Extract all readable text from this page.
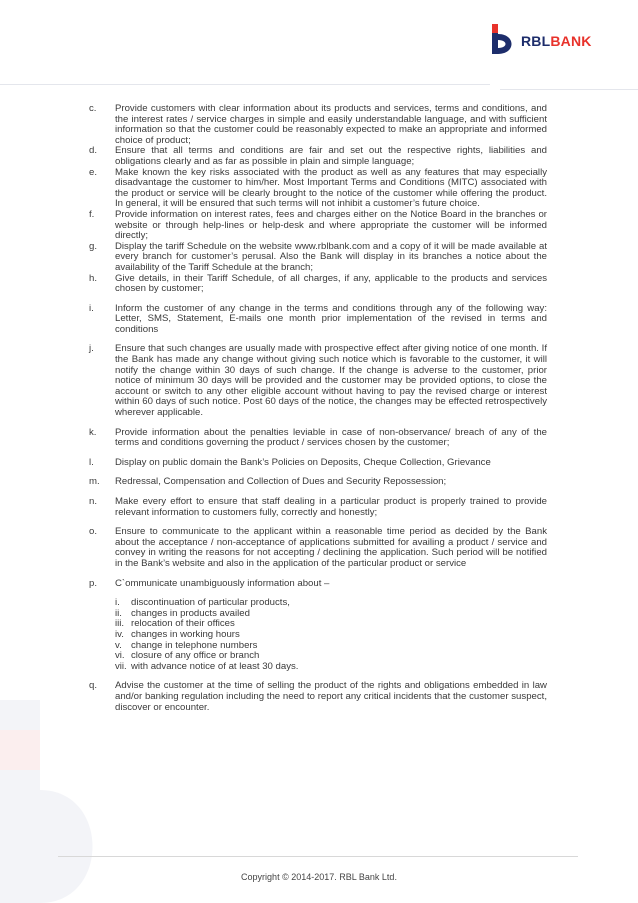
RBLBANK
c.	Provide customers with clear information about its products and services, terms and conditions, and the interest rates / service charges in simple and easily understandable language, and with sufficient information so that the customer could be reasonably expected to make an appropriate and informed choice of product;
d.	Ensure that all terms and conditions are fair and set out the respective rights, liabilities and obligations clearly and as far as possible in plain and simple language;
e.	Make known the key risks associated with the product as well as any features that may especially disadvantage the customer to him/her. Most Important Terms and Conditions (MITC) associated with the product or service will be clearly brought to the notice of the customer while offering the product. In general, it will be ensured that such terms will not inhibit a customer’s future choice.
f.	Provide information on interest rates, fees and charges either on the Notice Board in the branches or website or through help-lines or help-desk and where appropriate the customer will be informed directly;
g.	Display the tariff Schedule on the website www.rblbank.com and a copy of it will be made available at every branch for customer’s perusal. Also the Bank will display in its branches a notice about the availability of the Tariff Schedule at the branch;
h.	Give details, in their Tariff Schedule, of all charges, if any, applicable to the products and services chosen by customer;
i.	Inform the customer of any change in the terms and conditions through any of the following way: Letter, SMS, Statement, E-mails one month prior implementation of the revised in terms and conditions
j.	Ensure that such changes are usually made with prospective effect after giving notice of one month. If the Bank has made any change without giving such notice which is favorable to the customer, it will notify the change within 30 days of such change. If the change is adverse to the customer, prior notice of minimum 30 days will be provided and the customer may be provided options, to close the account or switch to any other eligible account without having to pay the revised charge or interest within 60 days of such notice. Post 60 days of the notice, the changes may be effected retrospectively wherever applicable.
k.	Provide information about the penalties leviable in case of non-observance/ breach of any of the terms and conditions governing the product / services chosen by the customer;
l.	Display on public domain the Bank’s Policies on Deposits, Cheque Collection, Grievance
m.	Redressal, Compensation and Collection of Dues and Security Repossession;
n.	Make every effort to ensure that staff dealing in a particular product is properly trained to provide relevant information to customers fully, correctly and honestly;
o.	Ensure to communicate to the applicant within a reasonable time period as decided by the Bank about the acceptance / non-acceptance of applications submitted for availing a product / service and convey in writing the reasons for not accepting / declining the application. Such period will be notified in the Bank’s website and also in the application of the particular product or service
p.	C`ommunicate unambiguously information about –
i.	discontinuation of particular products,
ii. changes in products availed
iii. relocation of their offices
iv. changes in working hours
v. change in telephone numbers
vi. closure of any office or branch
vii. with advance notice of at least 30 days.
q.	Advise the customer at the time of selling the product of the rights and obligations embedded in law and/or banking regulation including the need to report any critical incidents that the customer suspect, discover or encounter.
Copyright © 2014-2017. RBL Bank Ltd.
